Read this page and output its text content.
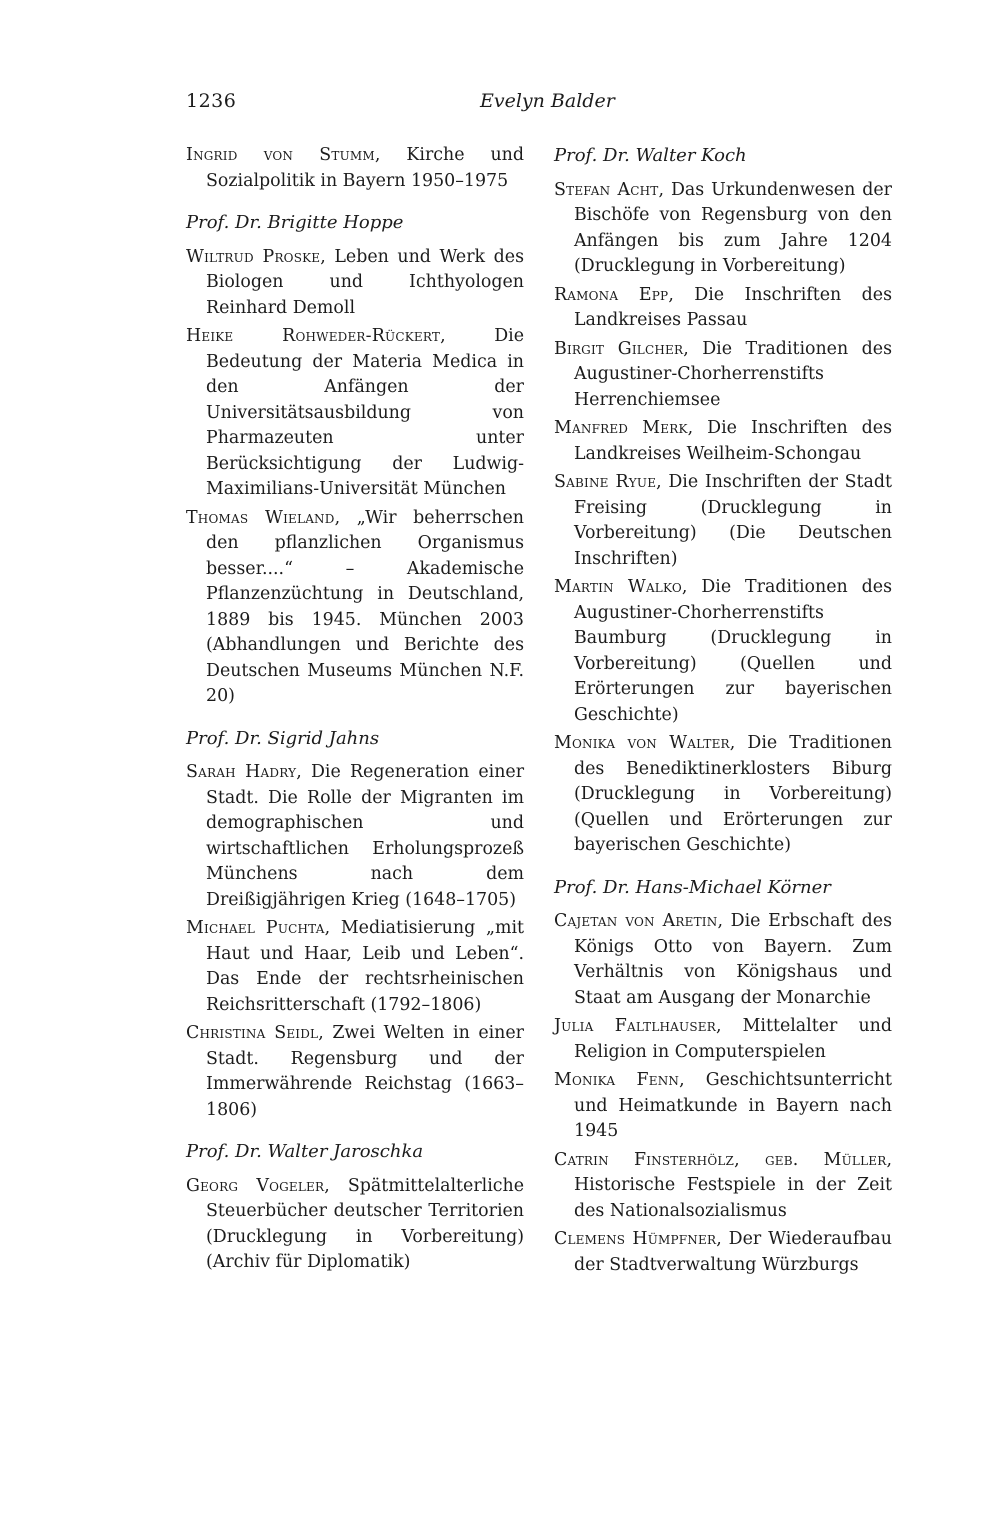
1236	Evelyn Balder
Ingrid von Stumm, Kirche und Sozialpolitik in Bayern 1950–1975
Prof. Dr. Brigitte Hoppe
Wiltrud Proske, Leben und Werk des Biologen und Ichthyologen Reinhard Demoll
Heike Rohweder-Rückert, Die Bedeutung der Materia Medica in den Anfängen der Universitätsausbildung von Pharmazeuten unter Berücksichtigung der Ludwig-Maximilians-Universität München
Thomas Wieland, „Wir beherrschen den pflanzlichen Organismus besser....“ – Akademische Pflanzenzüchtung in Deutschland, 1889 bis 1945. München 2003 (Abhandlungen und Berichte des Deutschen Museums München N.F. 20)
Prof. Dr. Sigrid Jahns
Sarah Hadry, Die Regeneration einer Stadt. Die Rolle der Migranten im demographischen und wirtschaftlichen Erholungsprozeß Münchens nach dem Dreißigjährigen Krieg (1648–1705)
Michael Puchta, Mediatisierung „mit Haut und Haar, Leib und Leben“. Das Ende der rechtsrheinischen Reichsritterschaft (1792–1806)
Christina Seidl, Zwei Welten in einer Stadt. Regensburg und der Immerwährende Reichstag (1663–1806)
Prof. Dr. Walter Jaroschka
Georg Vogeler, Spätmittelalterliche Steuerbücher deutscher Territorien (Drucklegung in Vorbereitung) (Archiv für Diplomatik)
Prof. Dr. Walter Koch
Stefan Acht, Das Urkundenwesen der Bischöfe von Regensburg von den Anfängen bis zum Jahre 1204 (Drucklegung in Vorbereitung)
Ramona Epp, Die Inschriften des Landkreises Passau
Birgit Gilcher, Die Traditionen des Augustiner-Chorherrenstifts Herrenchiemsee
Manfred Merk, Die Inschriften des Landkreises Weilheim-Schongau
Sabine Ryue, Die Inschriften der Stadt Freising (Drucklegung in Vorbereitung) (Die Deutschen Inschriften)
Martin Walko, Die Traditionen des Augustiner-Chorherrenstifts Baumburg (Drucklegung in Vorbereitung) (Quellen und Erörterungen zur bayerischen Geschichte)
Monika von Walter, Die Traditionen des Benediktinerklosters Biburg (Drucklegung in Vorbereitung) (Quellen und Erörterungen zur bayerischen Geschichte)
Prof. Dr. Hans-Michael Körner
Cajetan von Aretin, Die Erbschaft des Königs Otto von Bayern. Zum Verhältnis von Königshaus und Staat am Ausgang der Monarchie
Julia Faltlhauser, Mittelalter und Religion in Computerspielen
Monika Fenn, Geschichtsunterricht und Heimatkunde in Bayern nach 1945
Catrin Finsterhölz, geb. Müller, Historische Festspiele in der Zeit des Nationalsozialismus
Clemens Hümpfner, Der Wiederaufbau der Stadtverwaltung Würzburgs
